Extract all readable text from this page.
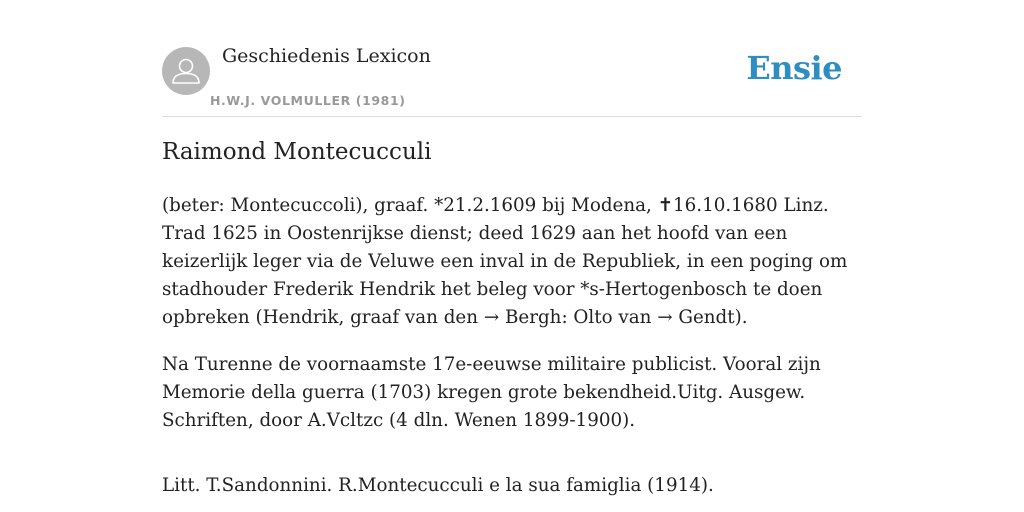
Geschiedenis Lexicon
H.W.J. VOLMULLER (1981)
Ensie
Raimond Montecucculi

(beter: Montecuccoli), graaf. *21.2.1609 bij Modena, ✝16.10.1680 Linz. Trad 1625 in Oostenrijkse dienst; deed 1629 aan het hoofd van een keizerlijk leger via de Veluwe een inval in de Republiek, in een poging om stadhouder Frederik Hendrik het beleg voor *s-Hertogenbosch te doen opbreken (Hendrik, graaf van den → Bergh: Olto van → Gendt).

Na Turenne de voornaamste 17e-eeuwse militaire publicist. Vooral zijn Memorie della guerra (1703) kregen grote bekendheid.Uitg. Ausgew. Schriften, door A.Vcltzc (4 dln. Wenen 1899-1900).

Litt. T.Sandonnini. R.Montecucculi e la sua famiglia (1914).
